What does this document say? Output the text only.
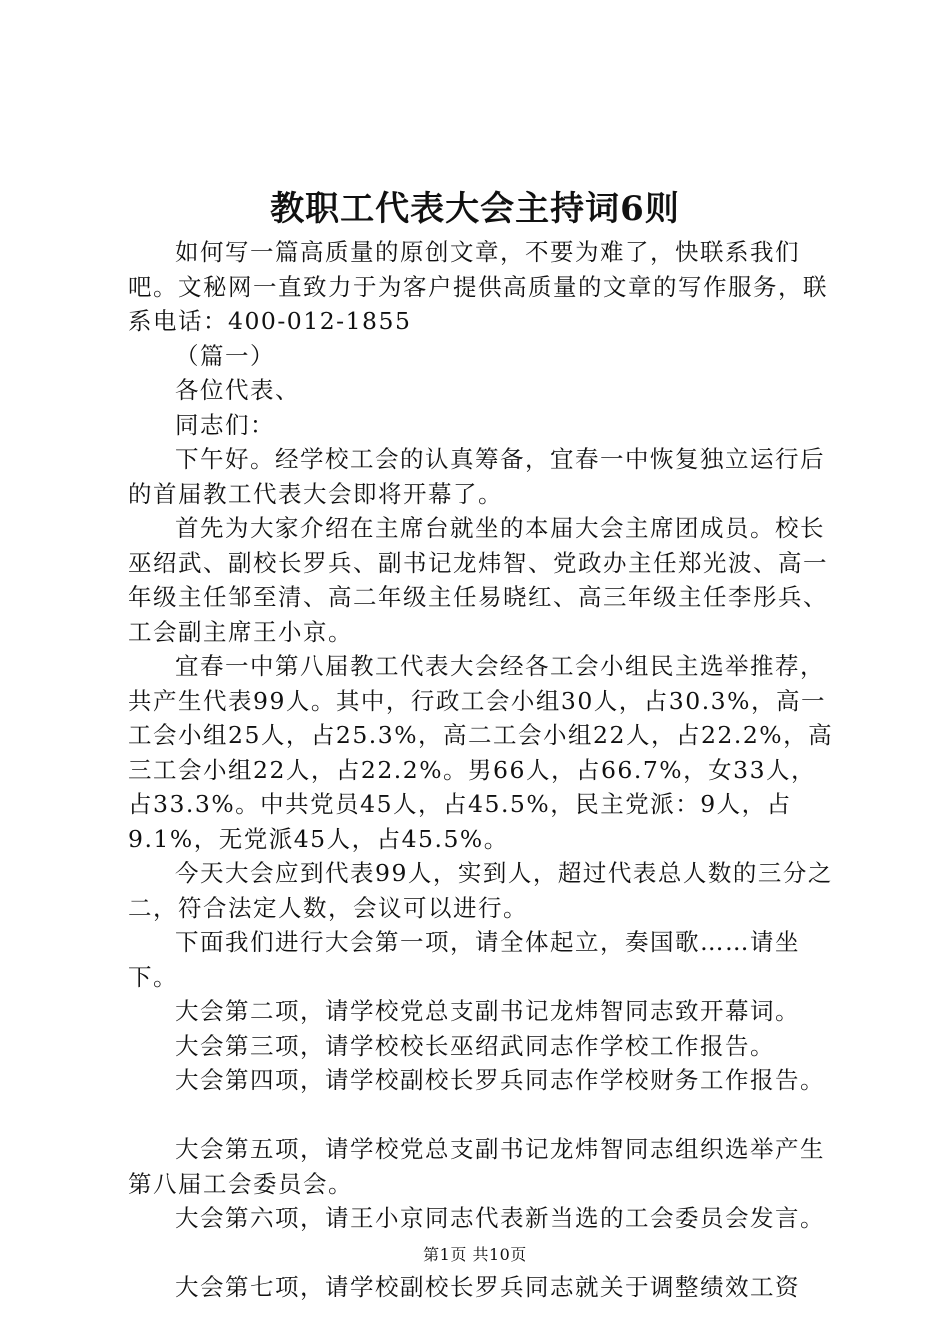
教职工代表大会主持词6则

如何写一篇高质量的原创文章，不要为难了，快联系我们吧。文秘网一直致力于为客户提供高质量的文章的写作服务，联系电话：400-012-1855

（篇一）

各位代表、

同志们：

下午好。经学校工会的认真筹备，宜春一中恢复独立运行后的首届教工代表大会即将开幕了。

首先为大家介绍在主席台就坐的本届大会主席团成员。校长巫绍武、副校长罗兵、副书记龙炜智、党政办主任郑光波、高一年级主任邹至清、高二年级主任易晓红、高三年级主任李彤兵、工会副主席王小京。

宜春一中第八届教工代表大会经各工会小组民主选举推荐，共产生代表99人。其中，行政工会小组30人，占30.3%，高一工会小组25人，占25.3%，高二工会小组22人，占22.2%，高三工会小组22人，占22.2%。男66人，占66.7%，女33人，占33.3%。中共党员45人，占45.5%，民主党派：9人，占9.1%，无党派45人，占45.5%。

今天大会应到代表99人，实到人，超过代表总人数的三分之二，符合法定人数，会议可以进行。

下面我们进行大会第一项，请全体起立，奏国歌……请坐下。

大会第二项，请学校党总支副书记龙炜智同志致开幕词。

大会第三项，请学校校长巫绍武同志作学校工作报告。

大会第四项，请学校副校长罗兵同志作学校财务工作报告。

大会第五项，请学校党总支副书记龙炜智同志组织选举产生第八届工会委员会。

大会第六项，请王小京同志代表新当选的工会委员会发言。

大会第七项，请学校副校长罗兵同志就关于调整绩效工资

第1页 共10页
